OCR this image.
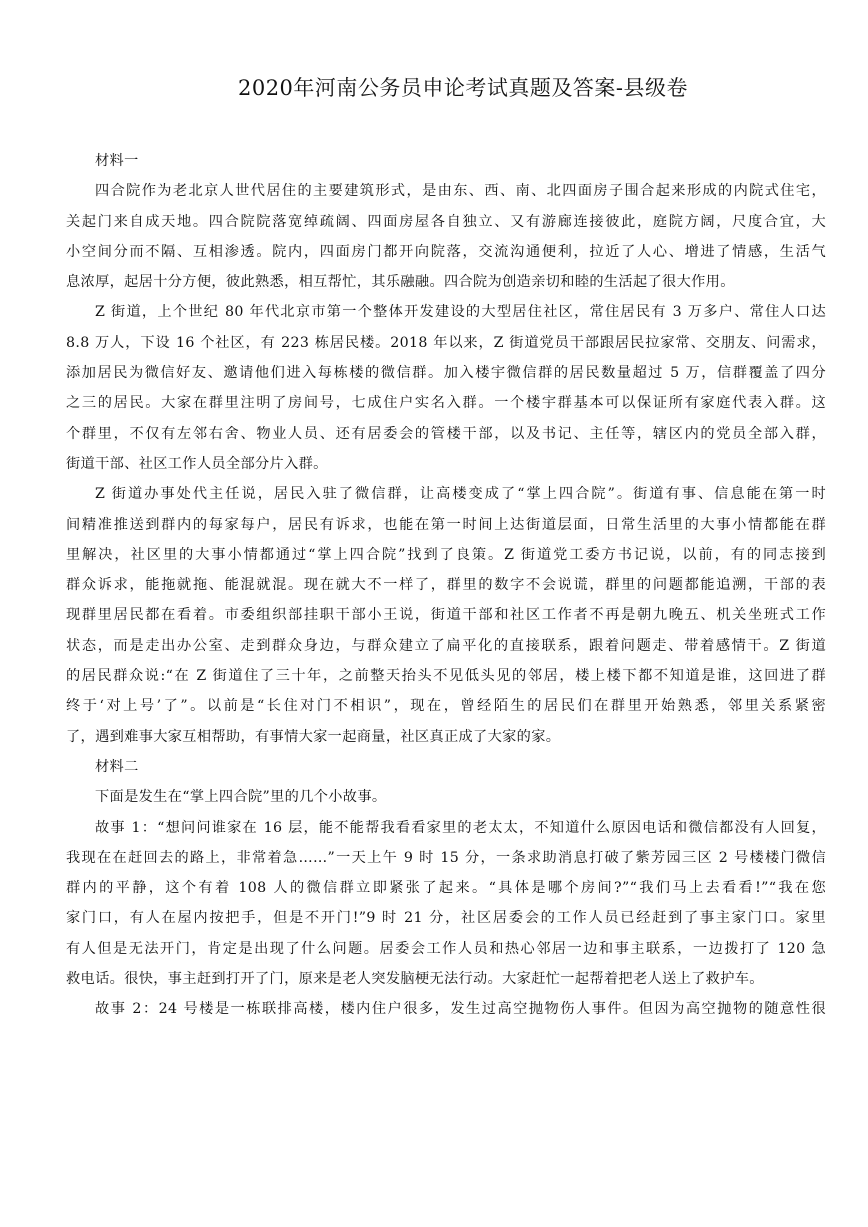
2020年河南公务员申论考试真题及答案-县级卷
材料一
四合院作为老北京人世代居住的主要建筑形式，是由东、西、南、北四面房子围合起来形成的内院式住宅，
关起门来自成天地。四合院院落宽绰疏阔、四面房屋各自独立、又有游廊连接彼此，庭院方阔，尺度合宜，大
小空间分而不隔、互相渗透。院内，四面房门都开向院落，交流沟通便利，拉近了人心、增进了情感，生活气
息浓厚，起居十分方便，彼此熟悉，相互帮忙，其乐融融。四合院为创造亲切和睦的生活起了很大作用。
Z 街道，上个世纪 80 年代北京市第一个整体开发建设的大型居住社区，常住居民有 3 万多户、常住人口达
8.8 万人，下设 16 个社区，有 223 栋居民楼。2018 年以来，Z 街道党员干部跟居民拉家常、交朋友、问需求，
添加居民为微信好友、邀请他们进入每栋楼的微信群。加入楼宇微信群的居民数量超过 5 万，信群覆盖了四分
之三的居民。大家在群里注明了房间号，七成住户实名入群。一个楼宇群基本可以保证所有家庭代表入群。这
个群里，不仅有左邻右舍、物业人员、还有居委会的管楼干部，以及书记、主任等，辖区内的党员全部入群，
街道干部、社区工作人员全部分片入群。
Z 街道办事处代主任说，居民入驻了微信群，让高楼变成了“掌上四合院”。街道有事、信息能在第一时
间精准推送到群内的每家每户，居民有诉求，也能在第一时间上达街道层面，日常生活里的大事小情都能在群
里解决，社区里的大事小情都通过“掌上四合院”找到了良策。Z 街道党工委方书记说，以前，有的同志接到
群众诉求，能拖就拖、能混就混。现在就大不一样了，群里的数字不会说谎，群里的问题都能追溯，干部的表
现群里居民都在看着。市委组织部挂职干部小王说，街道干部和社区工作者不再是朝九晚五、机关坐班式工作
状态，而是走出办公室、走到群众身边，与群众建立了扁平化的直接联系，跟着问题走、带着感情干。Z 街道
的居民群众说:“在 Z 街道住了三十年，之前整天抬头不见低头见的邻居，楼上楼下都不知道是谁，这回进了群
终于‘对上号’了”。以前是“长住对门不相识”，现在，曾经陌生的居民们在群里开始熟悉，邻里关系紧密
了，遇到难事大家互相帮助，有事情大家一起商量，社区真正成了大家的家。
材料二
下面是发生在“掌上四合院”里的几个小故事。
故事 1：“想问问谁家在 16 层，能不能帮我看看家里的老太太，不知道什么原因电话和微信都没有人回复，
我现在在赶回去的路上，非常着急……”一天上午 9 时 15 分，一条求助消息打破了紫芳园三区 2 号楼楼门微信
群内的平静，这个有着 108 人的微信群立即紧张了起来。“具体是哪个房间?”“我们马上去看看!”“我在您
家门口，有人在屋内按把手，但是不开门!”9 时 21 分，社区居委会的工作人员已经赶到了事主家门口。家里
有人但是无法开门，肯定是出现了什么问题。居委会工作人员和热心邻居一边和事主联系，一边拨打了 120 急
救电话。很快，事主赶到打开了门，原来是老人突发脑梗无法行动。大家赶忙一起帮着把老人送上了救护车。
故事 2：24 号楼是一栋联排高楼，楼内住户很多，发生过高空抛物伤人事件。但因为高空抛物的随意性很
